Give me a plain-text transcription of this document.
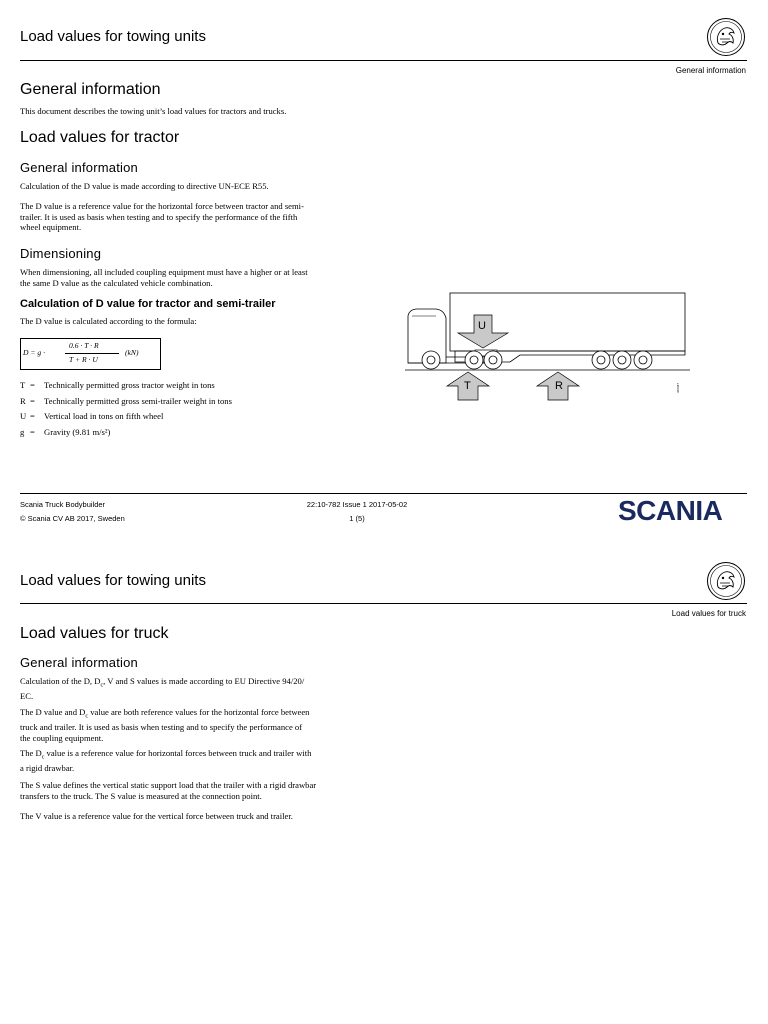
Load values for towing units
General information
General information
This document describes the towing unit’s load values for tractors and trucks.
Load values for tractor
General information
Calculation of the D value is made according to directive UN-ECE R55.
The D value is a reference value for the horizontal force between tractor and semi-
trailer. It is used as basis when testing and to specify the performance of the fifth
wheel equipment.
Dimensioning
When dimensioning, all included coupling equipment must have a higher or at least
the same D value as the calculated vehicle combination.
Calculation of D value for tractor and semi-trailer
The D value is calculated according to the formula:
D = g ·
0.6 · T · R
T + R · U
(kN)
T = Technically permitted gross tractor weight in tons
R = Technically permitted gross semi-trailer weight in tons
U = Vertical load in tons on fifth wheel
g = Gravity (9.81 m/s²)
U
T	R	366387
Scania Truck Bodybuilder
© Scania CV AB 2017, Sweden
22:10-782 Issue 1 2017-05-02
1 (5)	SCANIA
Load values for towing units
Load values for truck
Load values for truck
General information
Calculation of the D, $D_c$, V and S values is made according to EU Directive 94/20/
EC.
The D value and $D_c$ value are both reference values for the horizontal force between
truck and trailer. It is used as basis when testing and to specify the performance of
the coupling equipment.
The $D_c$ value is a reference value for horizontal forces between truck and trailer with
a rigid drawbar.
The S value defines the vertical static support load that the trailer with a rigid drawbar
transfers to the truck. The S value is measured at the connection point.
The V value is a reference value for the vertical force between truck and trailer.
